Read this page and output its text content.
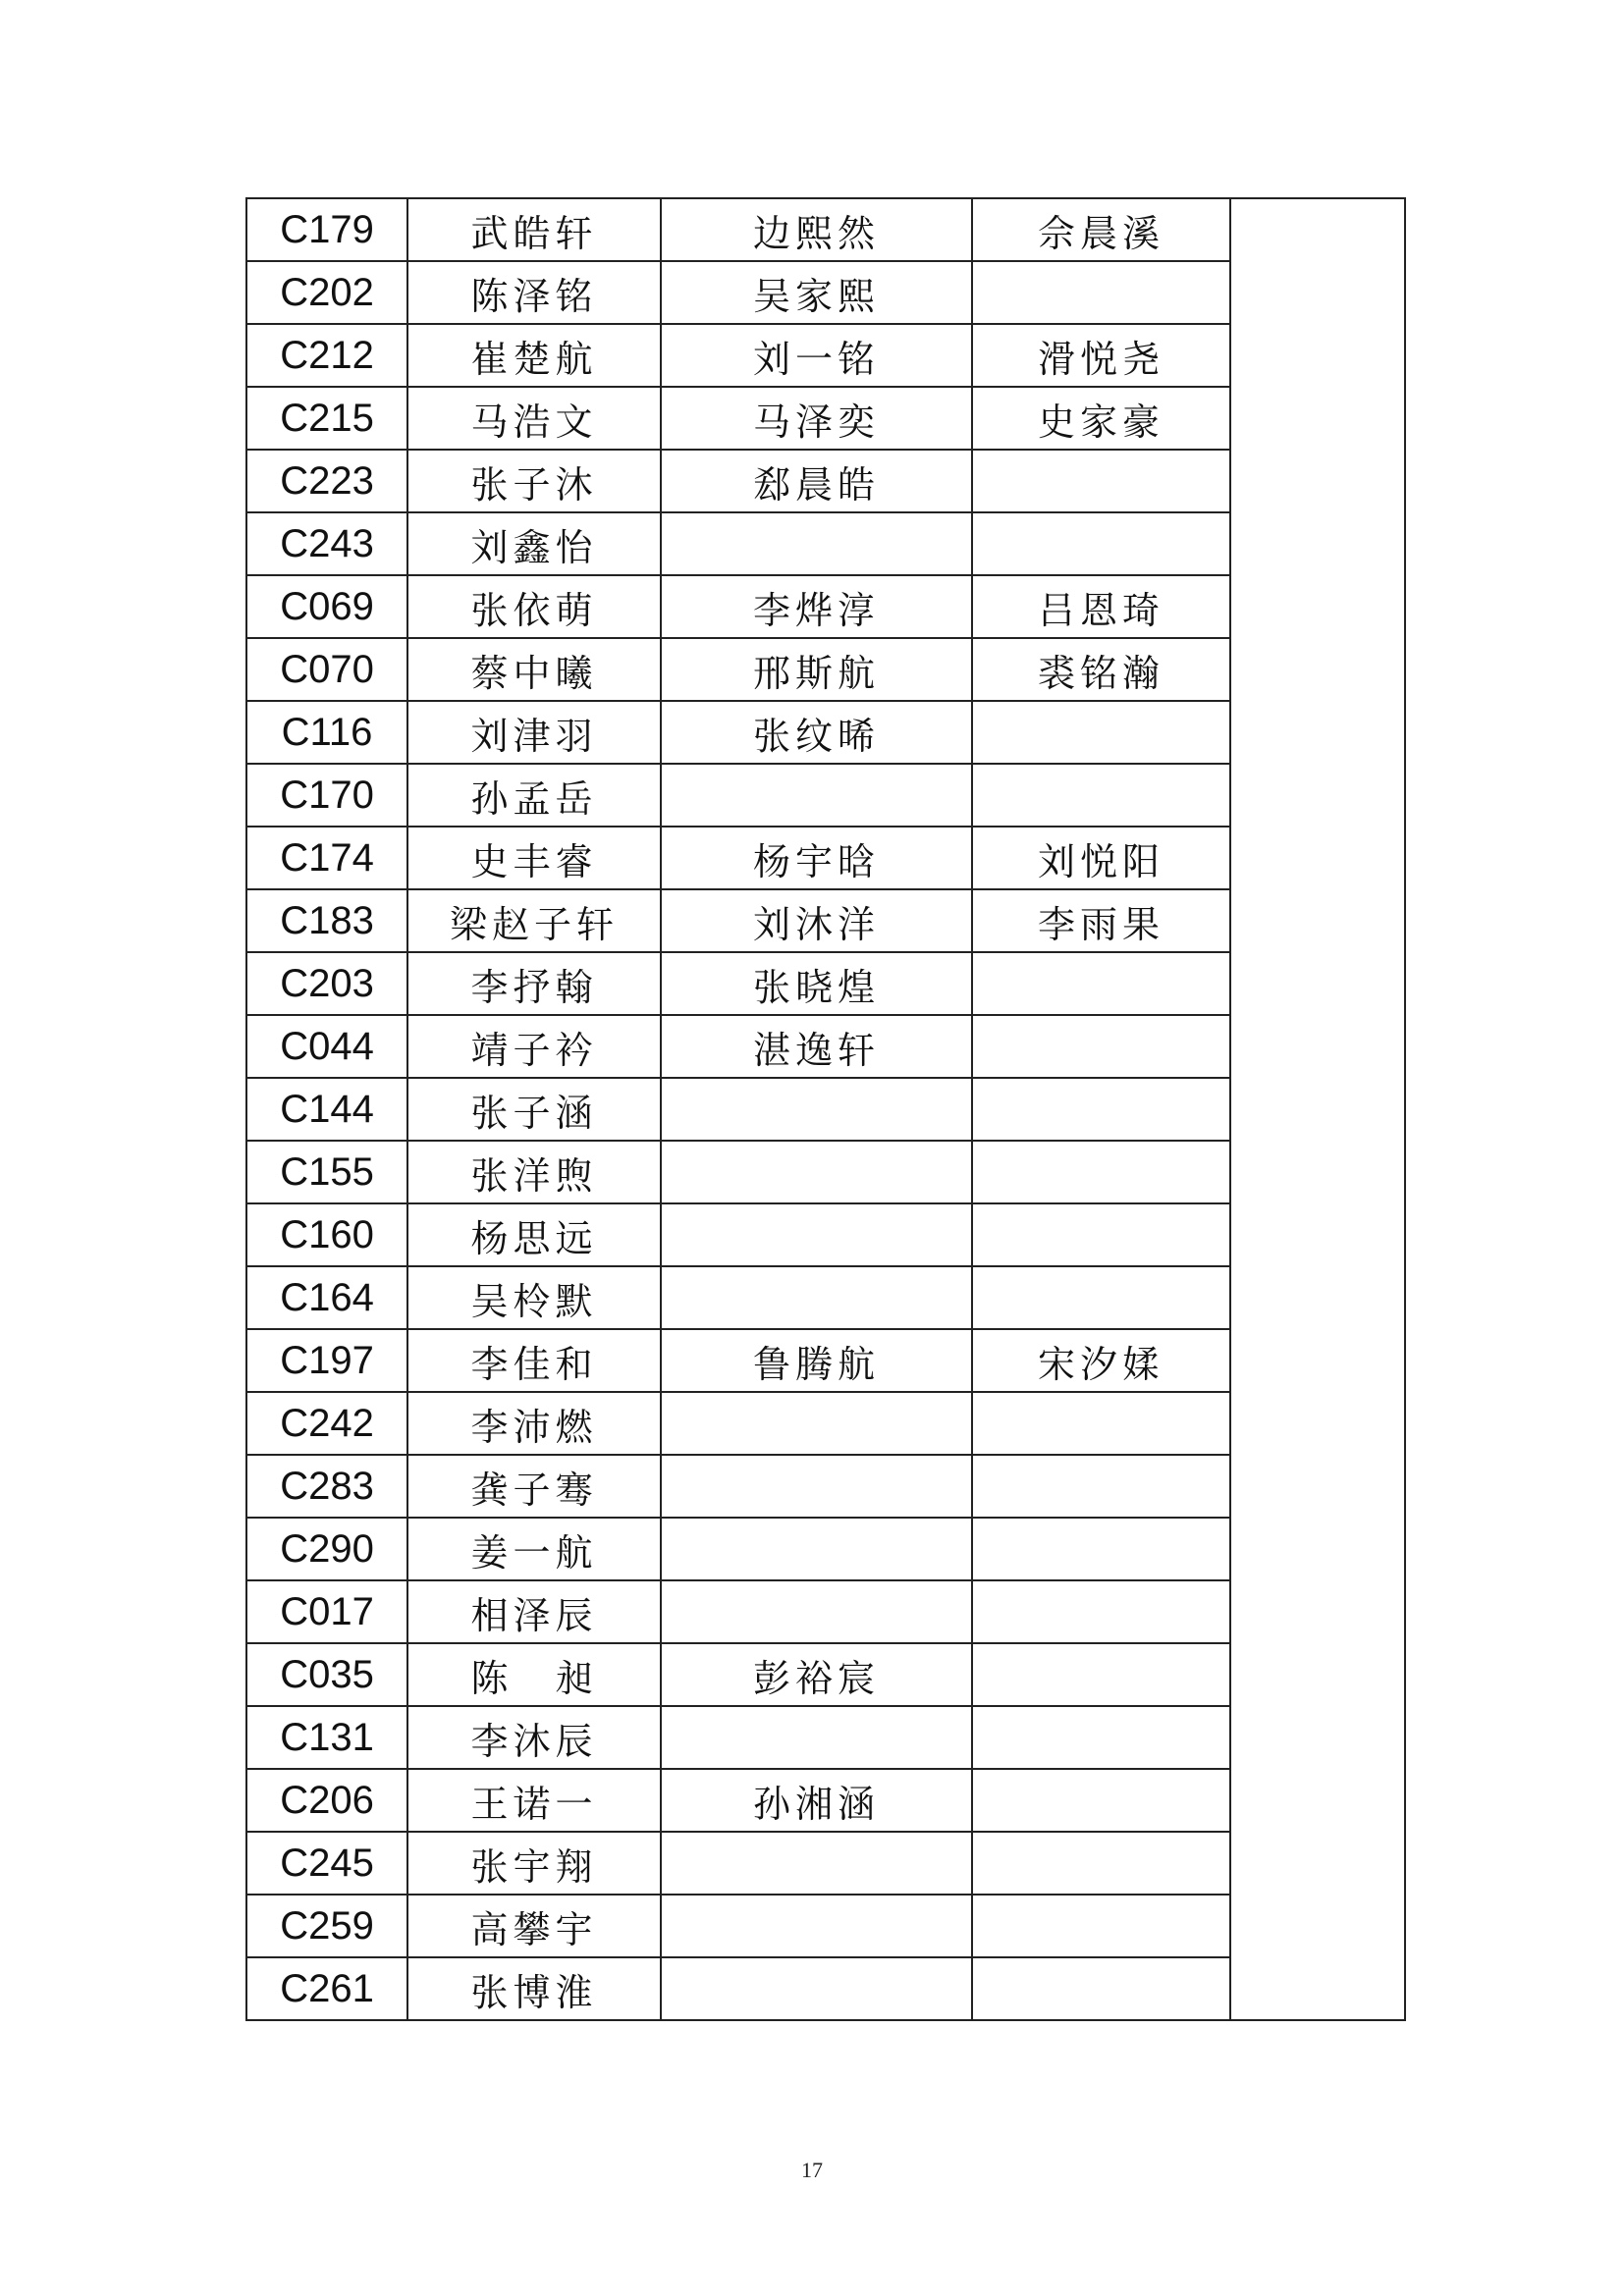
C179	武皓轩	边熙然	佘晨溪	
C202	陈泽铭	吴家熙		
C212	崔楚航	刘一铭	滑悦尧	
C215	马浩文	马泽奕	史家豪	
C223	张子沐	郄晨皓		
C243	刘鑫怡			
C069	张依萌	李烨淳	吕恩琦	
C070	蔡中曦	邢斯航	裘铭瀚	
C116	刘津羽	张纹晞		
C170	孙孟岳			
C174	史丰睿	杨宇晗	刘悦阳	
C183	梁赵子轩	刘沐洋	李雨果	
C203	李抒翰	张晓煌		
C044	靖子衿	湛逸轩		
C144	张子涵			
C155	张洋煦			
C160	杨思远			
C164	吴柃默			
C197	李佳和	鲁腾航	宋汐媃	
C242	李沛燃			
C283	龚子骞			
C290	姜一航			
C017	相泽辰			
C035	陈　昶	彭裕宸		
C131	李沐辰			
C206	王诺一	孙湘涵		
C245	张宇翔			
C259	高攀宇			
C261	张博淮			
17
